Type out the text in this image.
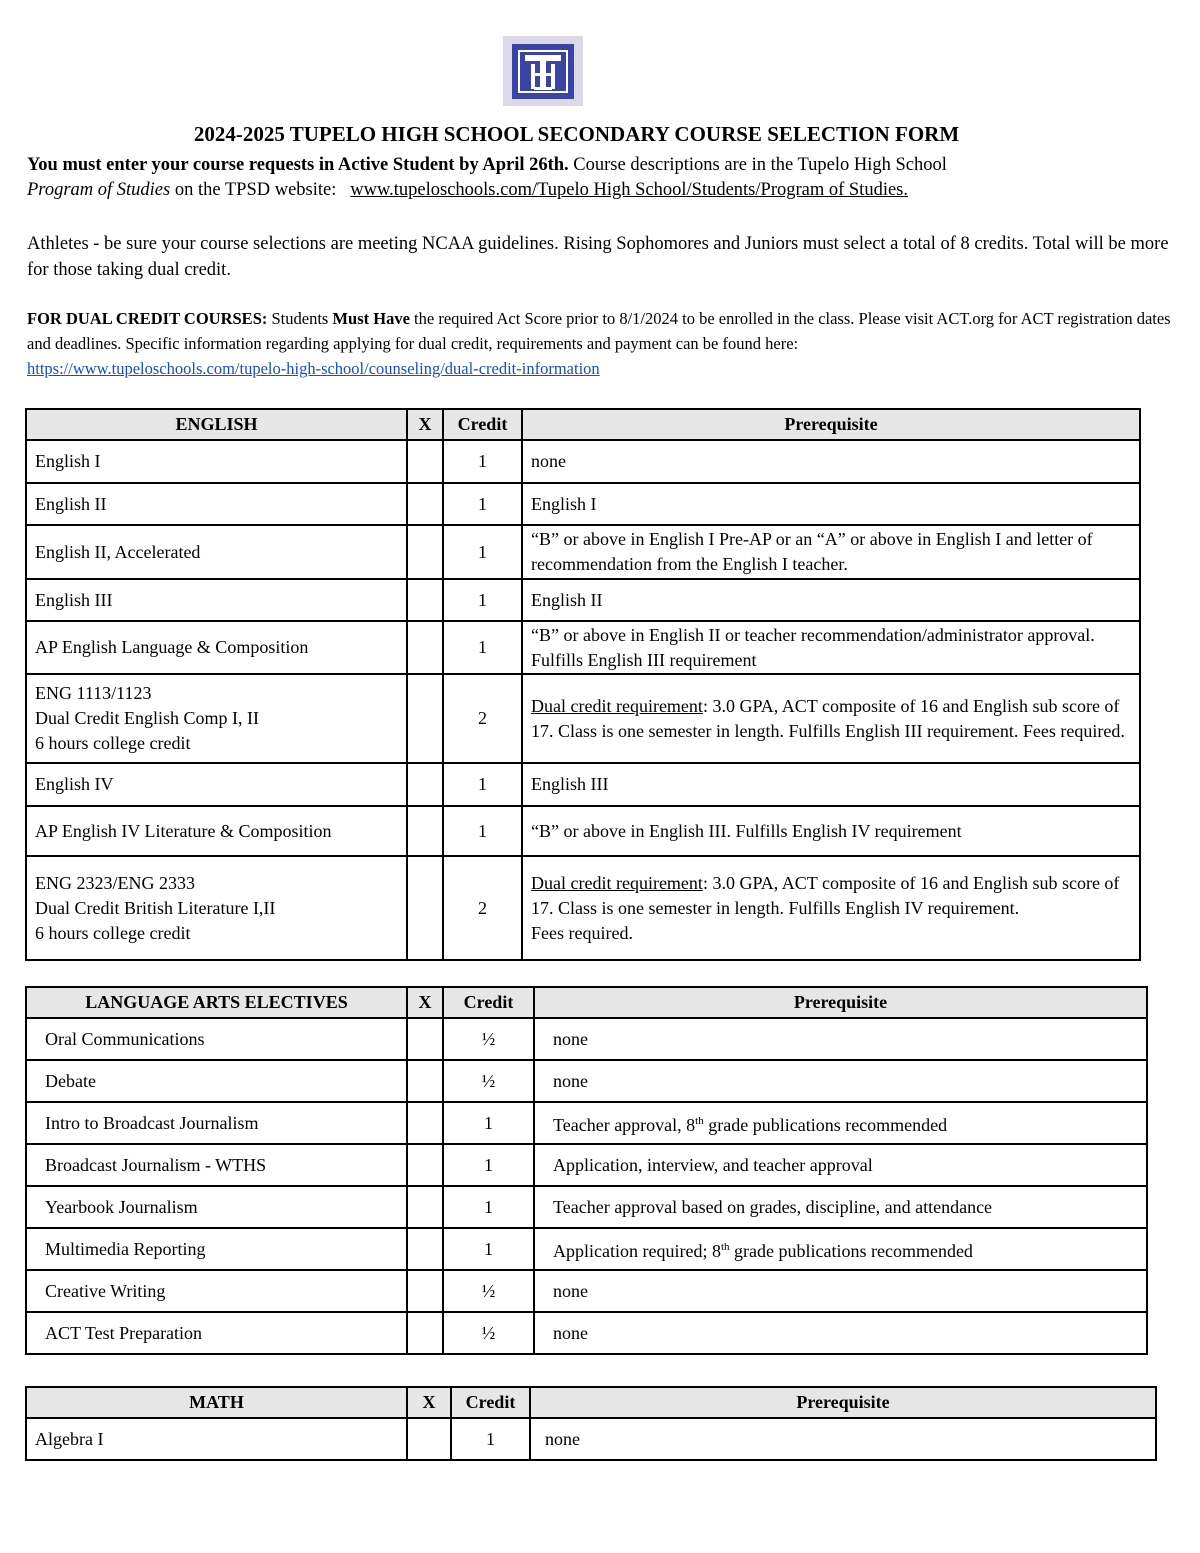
2024-2025 TUPELO HIGH SCHOOL SECONDARY COURSE SELECTION FORM
You must enter your course requests in Active Student by April 26th. Course descriptions are in the Tupelo High School
Program of Studies on the TPSD website: www.tupeloschools.com/Tupelo High School/Students/Program of Studies.
Athletes - be sure your course selections are meeting NCAA guidelines. Rising Sophomores and Juniors must select a total of 8 credits. Total will be more for those taking dual credit.
FOR DUAL CREDIT COURSES: Students Must Have the required Act Score prior to 8/1/2024 to be enrolled in the class. Please visit ACT.org for ACT registration dates and deadlines. Specific information regarding applying for dual credit, requirements and payment can be found here:
https://www.tupeloschools.com/tupelo-high-school/counseling/dual-credit-information
ENGLISH	X	Credit	Prerequisite
English I		1	none
English II		1	English I
English II, Accelerated		1	“B” or above in English I Pre-AP or an “A” or above in English I and letter of recommendation from the English I teacher.
English III		1	English II
AP English Language & Composition		1	“B” or above in English II or teacher recommendation/administrator approval. Fulfills English III requirement
ENG 1113/1123
Dual Credit English Comp I, II
6 hours college credit		2	Dual credit requirement: 3.0 GPA, ACT composite of 16 and English sub score of 17. Class is one semester in length. Fulfills English III requirement. Fees required.
English IV		1	English III
AP English IV Literature & Composition		1	“B” or above in English III. Fulfills English IV requirement
ENG 2323/ENG 2333
Dual Credit British Literature I,II
6 hours college credit		2	Dual credit requirement: 3.0 GPA, ACT composite of 16 and English sub score of 17. Class is one semester in length. Fulfills English IV requirement.
Fees required.
LANGUAGE ARTS ELECTIVES	X	Credit	Prerequisite
Oral Communications		½	none
Debate		½	none
Intro to Broadcast Journalism		1	Teacher approval, 8th grade publications recommended
Broadcast Journalism - WTHS		1	Application, interview, and teacher approval
Yearbook Journalism		1	Teacher approval based on grades, discipline, and attendance
Multimedia Reporting		1	Application required; 8th grade publications recommended
Creative Writing		½	none
ACT Test Preparation		½	none
MATH	X	Credit	Prerequisite
Algebra I		1	none
